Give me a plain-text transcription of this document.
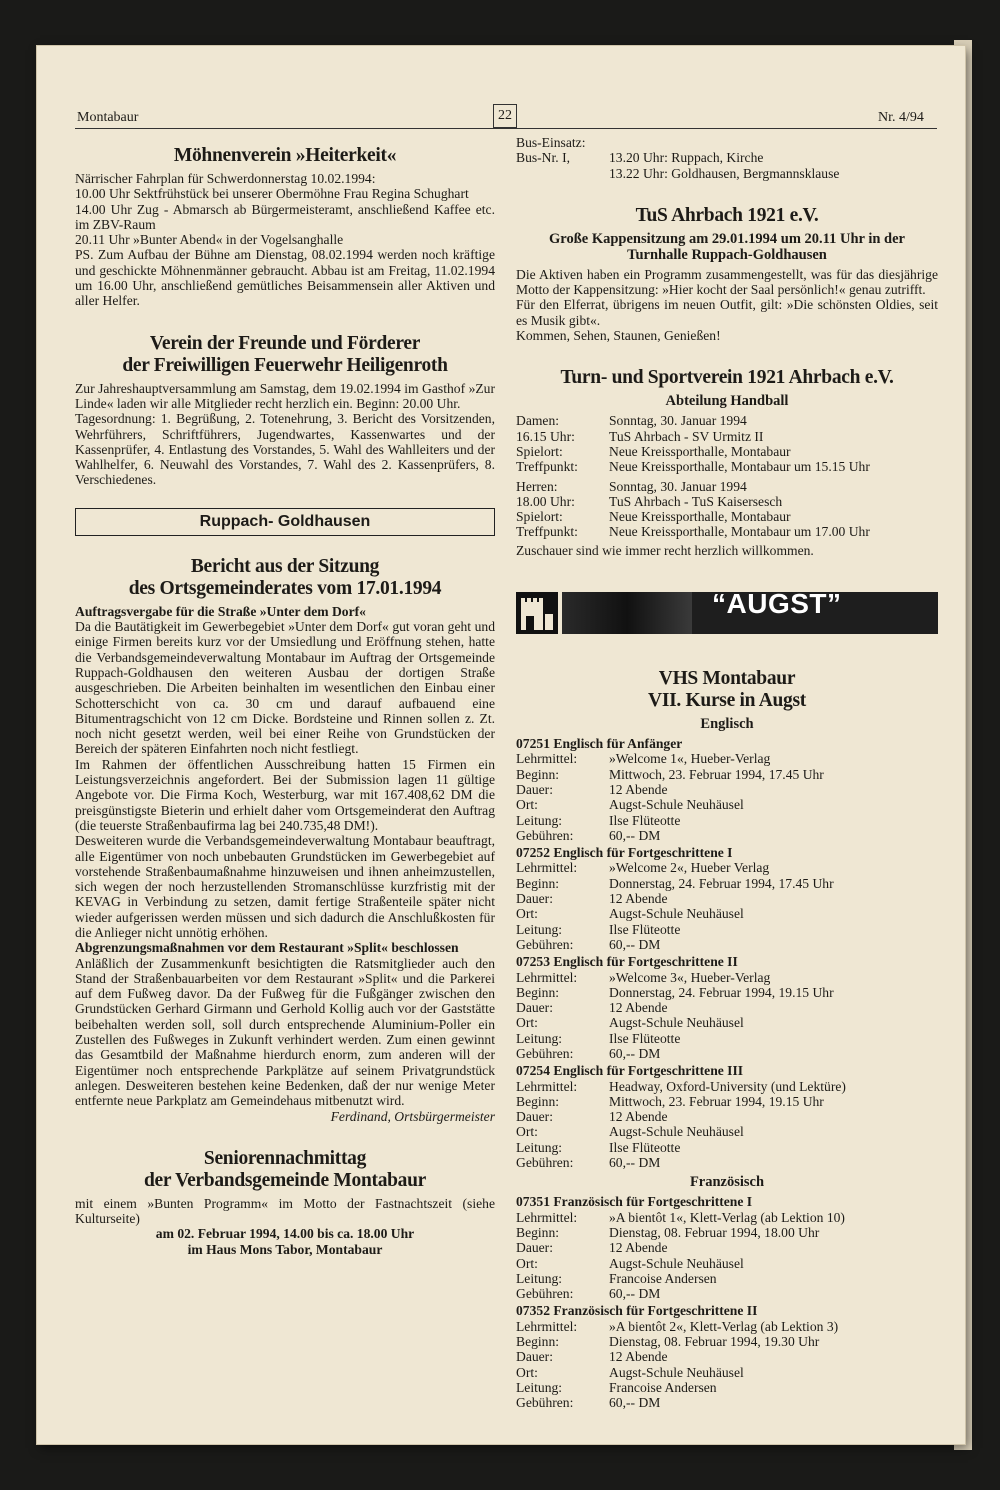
Montabaur	22	Nr. 4/94
Möhnenverein »Heiterkeit«

Närrischer Fahrplan für Schwerdonnerstag 10.02.1994:

10.00 Uhr Sektfrühstück bei unserer Obermöhne Frau Regina Schughart

14.00 Uhr Zug - Abmarsch ab Bürgermeisteramt, anschließend Kaffee etc. im ZBV-Raum

20.11 Uhr »Bunter Abend« in der Vogelsanghalle

PS. Zum Aufbau der Bühne am Dienstag, 08.02.1994 werden noch kräftige und geschickte Möhnenmänner gebraucht. Abbau ist am Freitag, 11.02.1994 um 16.00 Uhr, anschließend gemütliches Beisammensein aller Aktiven und aller Helfer.

Verein der Freunde und Förderer
der Freiwilligen Feuerwehr Heiligenroth

Zur Jahreshauptversammlung am Samstag, dem 19.02.1994 im Gasthof »Zur Linde« laden wir alle Mitglieder recht herzlich ein. Beginn: 20.00 Uhr.

Tagesordnung: 1. Begrüßung, 2. Totenehrung, 3. Bericht des Vorsitzenden, Wehrführers, Schriftführers, Jugendwartes, Kassenwartes und der Kassenprüfer, 4. Entlastung des Vorstandes, 5. Wahl des Wahlleiters und der Wahlhelfer, 6. Neuwahl des Vorstandes, 7. Wahl des 2. Kassenprüfers, 8. Verschiedenes.

Ruppach- Goldhausen
Bericht aus der Sitzung
des Ortsgemeinderates vom 17.01.1994

Auftragsvergabe für die Straße »Unter dem Dorf«

Da die Bautätigkeit im Gewerbegebiet »Unter dem Dorf« gut voran geht und einige Firmen bereits kurz vor der Umsiedlung und Eröffnung stehen, hatte die Verbandsgemeindeverwaltung Montabaur im Auftrag der Ortsgemeinde Ruppach-Goldhausen den weiteren Ausbau der dortigen Straße ausgeschrieben. Die Arbeiten beinhalten im wesentlichen den Einbau einer Schotterschicht von ca. 30 cm und darauf aufbauend eine Bitumentragschicht von 12 cm Dicke. Bordsteine und Rinnen sollen z. Zt. noch nicht gesetzt werden, weil bei einer Reihe von Grundstücken der Bereich der späteren Einfahrten noch nicht festliegt.

Im Rahmen der öffentlichen Ausschreibung hatten 15 Firmen ein Leistungsverzeichnis angefordert. Bei der Submission lagen 11 gültige Angebote vor. Die Firma Koch, Westerburg, war mit 167.408,62 DM die preisgünstigste Bieterin und erhielt daher vom Ortsgemeinderat den Auftrag (die teuerste Straßenbaufirma lag bei 240.735,48 DM!).

Desweiteren wurde die Verbandsgemeindeverwaltung Montabaur beauftragt, alle Eigentümer von noch unbebauten Grundstücken im Gewerbegebiet auf vorstehende Straßenbaumaßnahme hinzuweisen und ihnen anheimzustellen, sich wegen der noch herzustellenden Stromanschlüsse kurzfristig mit der KEVAG in Verbindung zu setzen, damit fertige Straßenteile später nicht wieder aufgerissen werden müssen und sich dadurch die Anschlußkosten für die Anlieger nicht unnötig erhöhen.

Abgrenzungsmaßnahmen vor dem Restaurant »Split« beschlossen

Anläßlich der Zusammenkunft besichtigten die Ratsmitglieder auch den Stand der Straßenbauarbeiten vor dem Restaurant »Split« und die Parkerei auf dem Fußweg davor. Da der Fußweg für die Fußgänger zwischen den Grundstücken Gerhard Girmann und Gerhold Kollig auch vor der Gaststätte beibehalten werden soll, soll durch entsprechende Aluminium-Poller ein Zustellen des Fußweges in Zukunft verhindert werden. Zum einen gewinnt das Gesamtbild der Maßnahme hierdurch enorm, zum anderen will der Eigentümer noch entsprechende Parkplätze auf seinem Privatgrundstück anlegen. Desweiteren bestehen keine Bedenken, daß der nur wenige Meter entfernte neue Parkplatz am Gemeindehaus mitbenutzt wird.

Ferdinand, Ortsbürgermeister

Seniorennachmittag
der Verbandsgemeinde Montabaur

mit einem »Bunten Programm« im Motto der Fastnachtszeit (siehe Kulturseite)

am 02. Februar 1994, 14.00 bis ca. 18.00 Uhr

im Haus Mons Tabor, Montabaur

Bus-Einsatz:

Bus-Nr. I,	13.20 Uhr: Ruppach, Kirche
	13.22 Uhr: Goldhausen, Bergmannsklause
TuS Ahrbach 1921 e.V.
Große Kappensitzung am 29.01.1994 um 20.11 Uhr in der
Turnhalle Ruppach-Goldhausen

Die Aktiven haben ein Programm zusammengestellt, was für das diesjährige Motto der Kappensitzung: »Hier kocht der Saal persönlich!« genau zutrifft.

Für den Elferrat, übrigens im neuen Outfit, gilt: »Die schönsten Oldies, seit es Musik gibt«.

Kommen, Sehen, Staunen, Genießen!

Turn- und Sportverein 1921 Ahrbach e.V.
Abteilung Handball
Damen:	Sonntag, 30. Januar 1994
16.15 Uhr:	TuS Ahrbach - SV Urmitz II
Spielort:	Neue Kreissporthalle, Montabaur
Treffpunkt:	Neue Kreissporthalle, Montabaur um 15.15 Uhr
Herren:	Sonntag, 30. Januar 1994
18.00 Uhr:	TuS Ahrbach - TuS Kaisersesch
Spielort:	Neue Kreissporthalle, Montabaur
Treffpunkt:	Neue Kreissporthalle, Montabaur um 17.00 Uhr

Zuschauer sind wie immer recht herzlich willkommen.

“AUGST”
VHS Montabaur
VII. Kurse in Augst
Englisch

07251 Englisch für Anfänger

Lehrmittel:	»Welcome 1«, Hueber-Verlag
Beginn:	Mittwoch, 23. Februar 1994, 17.45 Uhr
Dauer:	12 Abende
Ort:	Augst-Schule Neuhäusel
Leitung:	Ilse Flüteotte
Gebühren:	60,-- DM

07252 Englisch für Fortgeschrittene I

Lehrmittel:	»Welcome 2«, Hueber Verlag
Beginn:	Donnerstag, 24. Februar 1994, 17.45 Uhr
Dauer:	12 Abende
Ort:	Augst-Schule Neuhäusel
Leitung:	Ilse Flüteotte
Gebühren:	60,-- DM

07253 Englisch für Fortgeschrittene II

Lehrmittel:	»Welcome 3«, Hueber-Verlag
Beginn:	Donnerstag, 24. Februar 1994, 19.15 Uhr
Dauer:	12 Abende
Ort:	Augst-Schule Neuhäusel
Leitung:	Ilse Flüteotte
Gebühren:	60,-- DM

07254 Englisch für Fortgeschrittene III

Lehrmittel:	Headway, Oxford-University (und Lektüre)
Beginn:	Mittwoch, 23. Februar 1994, 19.15 Uhr
Dauer:	12 Abende
Ort:	Augst-Schule Neuhäusel
Leitung:	Ilse Flüteotte
Gebühren:	60,-- DM
Französisch

07351 Französisch für Fortgeschrittene I

Lehrmittel:	»A bientôt 1«, Klett-Verlag (ab Lektion 10)
Beginn:	Dienstag, 08. Februar 1994, 18.00 Uhr
Dauer:	12 Abende
Ort:	Augst-Schule Neuhäusel
Leitung:	Francoise Andersen
Gebühren:	60,-- DM

07352 Französisch für Fortgeschrittene II

Lehrmittel:	»A bientôt 2«, Klett-Verlag (ab Lektion 3)
Beginn:	Dienstag, 08. Februar 1994, 19.30 Uhr
Dauer:	12 Abende
Ort:	Augst-Schule Neuhäusel
Leitung:	Francoise Andersen
Gebühren:	60,-- DM
